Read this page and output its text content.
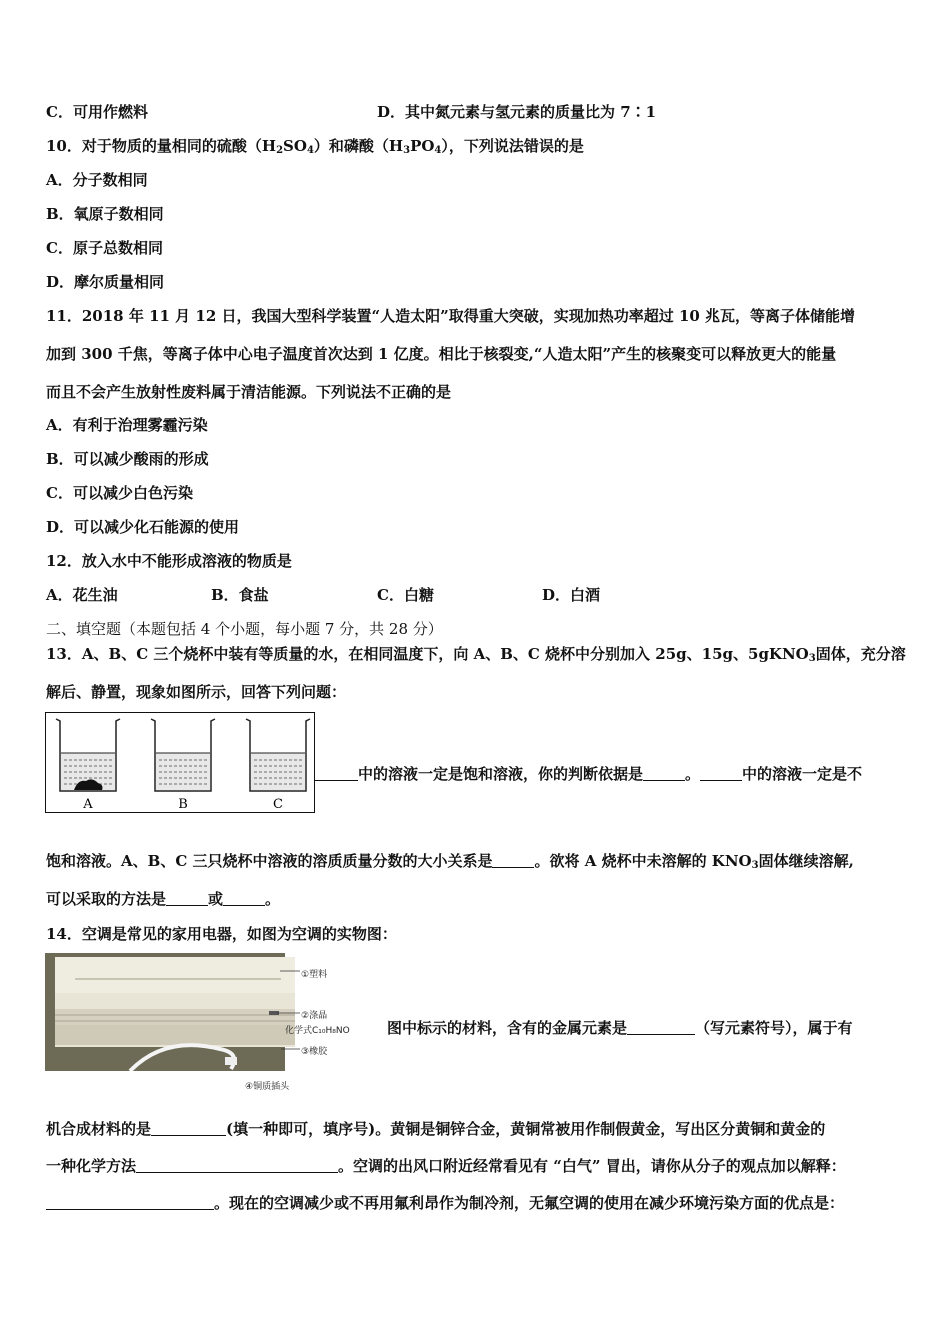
C．可用作燃料	D．其中氮元素与氢元素的质量比为 7∶1
10．对于物质的量相同的硫酸$(H_2SO_4)$和磷酸$(H_3PO_4)$，下列说法错误的是
A．分子数相同
B．氧原子数相同
C．原子总数相同
D．摩尔质量相同
11．2018 年 11 月 12 日，我国大型科学装置“人造太阳”取得重大突破，实现加热功率超过 10 兆瓦，等离子体储能增
加到 300 千焦，等离子体中心电子温度首次达到 1 亿度。相比于核裂变,“人造太阳”产生的核聚变可以释放更大的能量
而且不会产生放射性废料属于清洁能源。下列说法不正确的是
A．有利于治理雾霾污染
B．可以减少酸雨的形成
C．可以减少白色污染
D．可以减少化石能源的使用
12．放入水中不能形成溶液的物质是
A．花生油	B．食盐	C．白糖	D．白酒
二、填空题（本题包括 4 个小题，每小题 7 分，共 28 分）
13．A、B、C 三个烧杯中装有等质量的水，在相同温度下，向 A、B、C 烧杯中分别加入 25g、15g、5gKNO$_3$固体，充分溶
解后、静置，现象如图所示，回答下列问题：
A	B	C
中的溶液一定是饱和溶液，你的判断依据是	。	中的溶液一定是不
饱和溶液。A、B、C 三只烧杯中溶液的溶质质量分数的大小关系是	。欲将 A 烧杯中未溶解的 $KNO_3$固体继续溶解,
可以采取的方法是	或	。
14．空调是常见的家用电器，如图为空调的实物图：
①塑料
②涤晶
化学式C₁₀H₈NO
③橡胶
④铜质插头
图中标示的材料，含有的金属元素是	（写元素符号），属于有
机合成材料的是	(填一种即可，填序号)。黄铜是铜锌合金，黄铜常被用作制假黄金，写出区分黄铜和黄金的
一种化学方法	。空调的出风口附近经常看见有 “白气” 冒出，请你从分子的观点加以解释：
。现在的空调减少或不再用氟利昂作为制冷剂，无氟空调的使用在减少环境污染方面的优点是：
